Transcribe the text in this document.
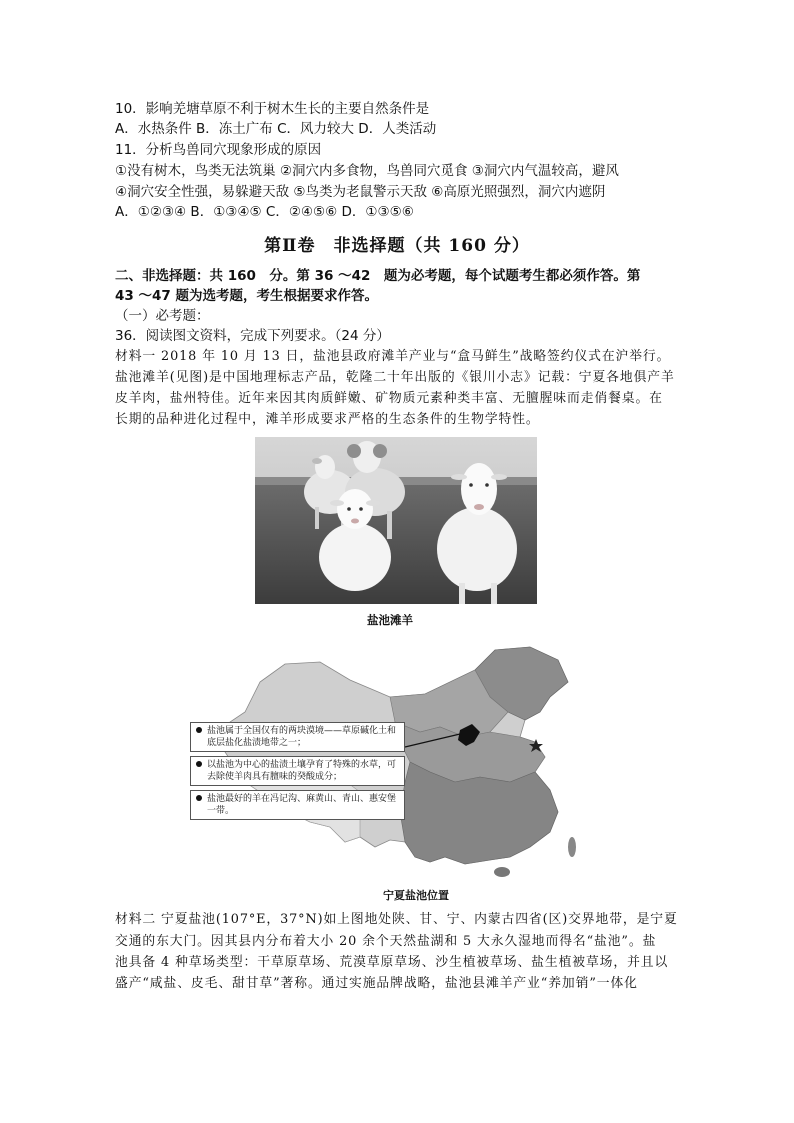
10．影响羌塘草原不利于树木生长的主要自然条件是
A．水热条件 B．冻土广布 C．风力较大 D．人类活动
11．分析鸟兽同穴现象形成的原因
①没有树木，鸟类无法筑巢 ②洞穴内多食物，鸟兽同穴觅食 ③洞穴内气温较高，避风
④洞穴安全性强，易躲避天敌 ⑤鸟类为老鼠警示天敌 ⑥高原光照强烈，洞穴内遮阴
A．①②③④ B．①③④⑤ C．②④⑤⑥ D．①③⑤⑥
第Ⅱ卷　非选择题（共 160 分）
二、非选择题：共 160　分。第 36 ～42　题为必考题，每个试题考生都必须作答。第
43 ～47 题为选考题，考生根据要求作答。
（一）必考题：
36．阅读图文资料，完成下列要求。（24 分）
材料一 2018 年 10 月 13 日，盐池县政府滩羊产业与“盒马鲜生”战略签约仪式在沪举行。
盐池滩羊(见图)是中国地理标志产品，乾隆二十年出版的《银川小志》记载：宁夏各地俱产羊
皮羊肉，盐州特佳。近年来因其肉质鲜嫩、矿物质元素种类丰富、无膻腥味而走俏餐桌。在
长期的品种进化过程中，滩羊形成要求严格的生态条件的生物学特性。
盐池滩羊
盐池属于全国仅有的两块漠境——草原碱化土和底层盐化盐渍地带之一；
以盐池为中心的盐渍土壤孕育了特殊的水草，可去除使羊肉具有膻味的癸酸成分；
盐池最好的羊在冯记沟、麻黄山、青山、惠安堡一带。
宁夏盐池位置
材料二 宁夏盐池(107°E，37°N)如上图地处陕、甘、宁、内蒙古四省(区)交界地带，是宁夏
交通的东大门。因其县内分布着大小 20 余个天然盐湖和 5 大永久湿地而得名“盐池”。盐
池具备 4 种草场类型：干草原草场、荒漠草原草场、沙生植被草场、盐生植被草场，并且以
盛产“咸盐、皮毛、甜甘草”著称。通过实施品牌战略，盐池县滩羊产业“养加销”一体化
